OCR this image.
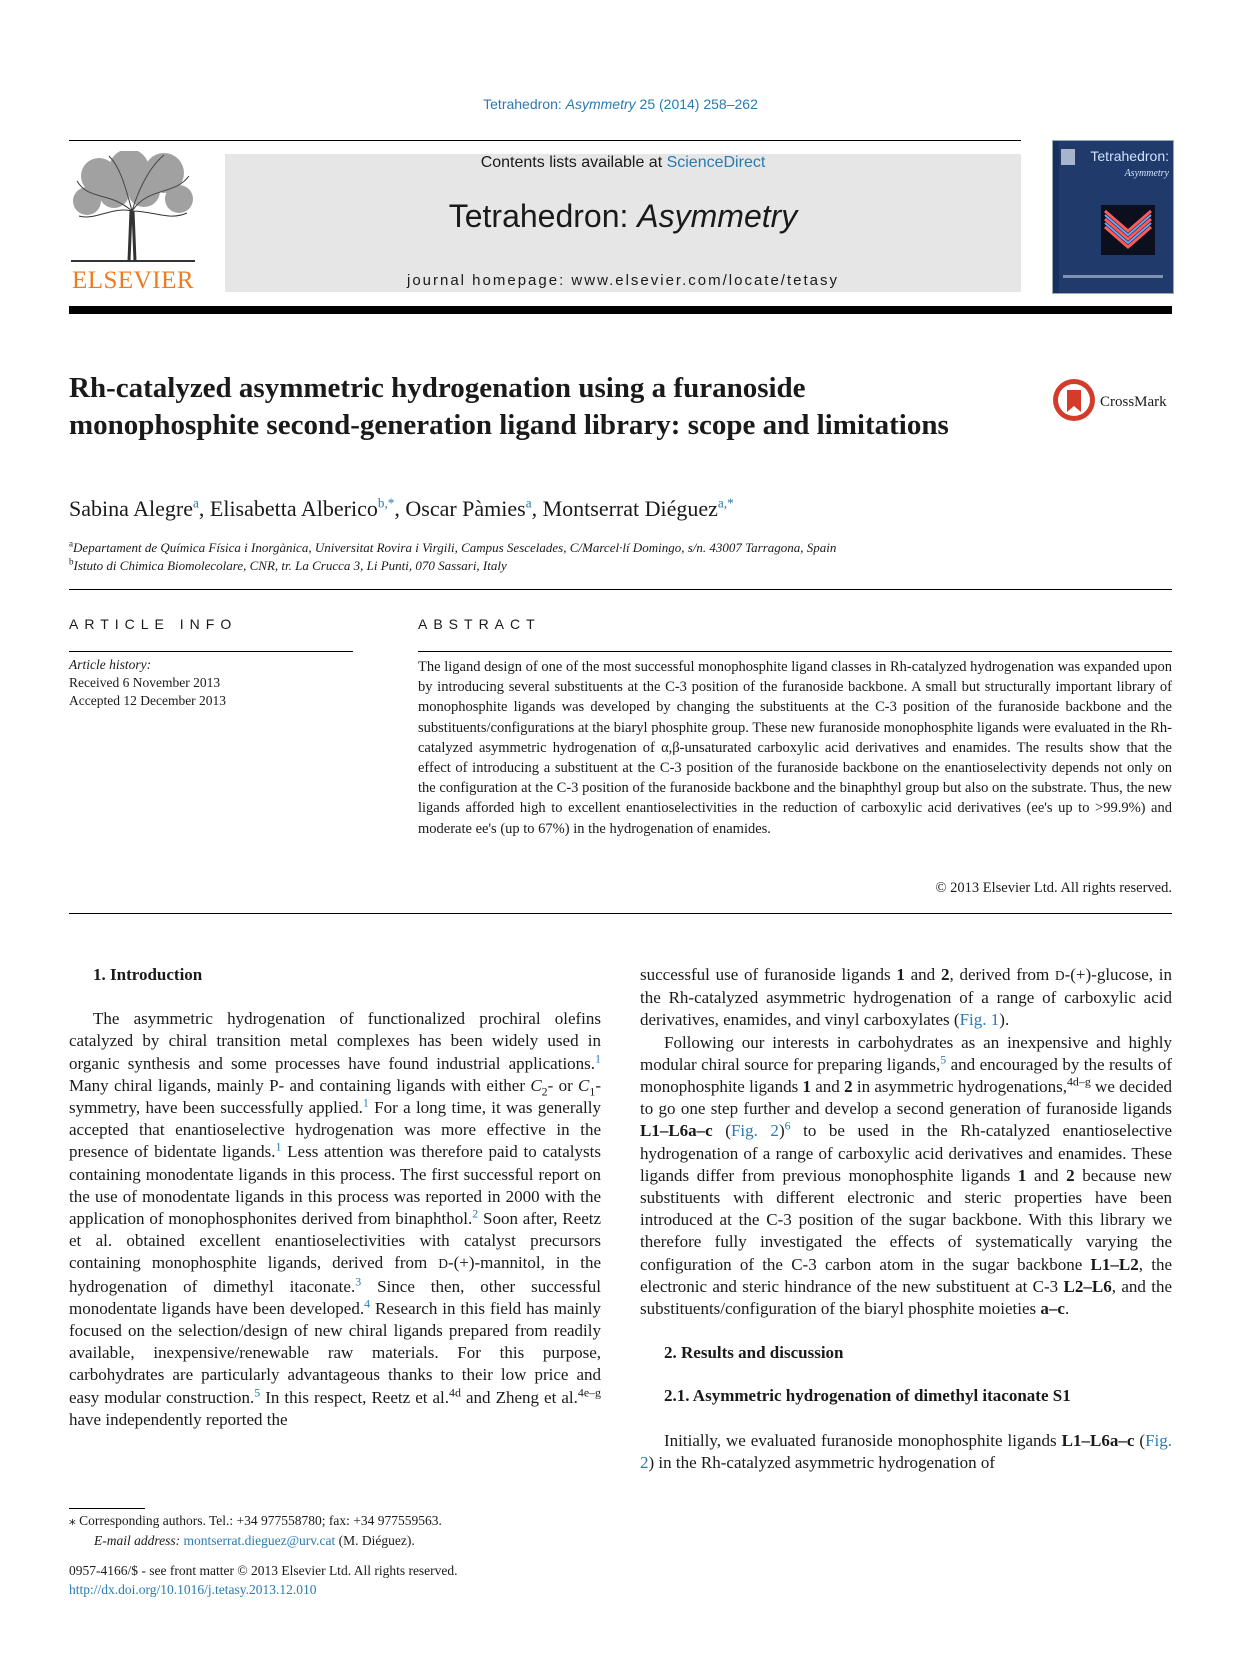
Tetrahedron: Asymmetry 25 (2014) 258–262
ELSEVIER
Contents lists available at ScienceDirect
Tetrahedron: Asymmetry
journal homepage: www.elsevier.com/locate/tetasy
Tetrahedron:
Asymmetry
Rh-catalyzed asymmetric hydrogenation using a furanoside monophosphite second-generation ligand library: scope and limitations
CrossMark
Sabina Alegre$^a$, Elisabetta Alberico$^{b,*}$, Oscar Pàmies$^a$, Montserrat Diéguez$^{a,*}$
$^a$Departament de Química Física i Inorgànica, Universitat Rovira i Virgili, Campus Sescelades, C/Marcel·lí Domingo, s/n. 43007 Tarragona, Spain
$^b$Istuto di Chimica Biomolecolare, CNR, tr. La Crucca 3, Li Punti, 070 Sassari, Italy
ARTICLE INFO
Article history:
Received 6 November 2013
Accepted 12 December 2013
ABSTRACT

The ligand design of one of the most successful monophosphite ligand classes in Rh-catalyzed hydrogenation was expanded upon by introducing several substituents at the C-3 position of the furanoside backbone. A small but structurally important library of monophosphite ligands was developed by changing the substituents at the C-3 position of the furanoside backbone and the substituents/configurations at the biaryl phosphite group. These new furanoside monophosphite ligands were evaluated in the Rh-catalyzed asymmetric hydrogenation of α,β-unsaturated carboxylic acid derivatives and enamides. The results show that the effect of introducing a substituent at the C-3 position of the furanoside backbone on the enantioselectivity depends not only on the configuration at the C-3 position of the furanoside backbone and the binaphthyl group but also on the substrate. Thus, the new ligands afforded high to excellent enantioselectivities in the reduction of carboxylic acid derivatives (ee's up to >99.9%) and moderate ee's (up to 67%) in the hydrogenation of enamides.

© 2013 Elsevier Ltd. All rights reserved.

1. Introduction

The asymmetric hydrogenation of functionalized prochiral olefins catalyzed by chiral transition metal complexes has been widely used in organic synthesis and some processes have found industrial applications.$^1$ Many chiral ligands, mainly P- and containing ligands with either $C_2-$ or $C_1$-symmetry, have been successfully applied.$^1$ For a long time, it was generally accepted that enantioselective hydrogenation was more effective in the presence of bidentate ligands.$^1$ Less attention was therefore paid to catalysts containing monodentate ligands in this process. The first successful report on the use of monodentate ligands in this process was reported in 2000 with the application of monophosphonites derived from binaphthol.$^2$ Soon after, Reetz et al. obtained excellent enantioselectivities with catalyst precursors containing monophosphite ligands, derived from D-(+)-mannitol, in the hydrogenation of dimethyl itaconate.$^3$ Since then, other successful monodentate ligands have been developed.$^4$ Research in this field has mainly focused on the selection/design of new chiral ligands prepared from readily available, inexpensive/renewable raw materials. For this purpose, carbohydrates are particularly advantageous thanks to their low price and easy modular construction.$^5$ In this respect, Reetz et al.$^{4d}$ and Zheng et al.$^{4e-g}$ have independently reported the

successful use of furanoside ligands 1 and 2, derived from D-(+)-glucose, in the Rh-catalyzed asymmetric hydrogenation of a range of carboxylic acid derivatives, enamides, and vinyl carboxylates (Fig. 1).

Following our interests in carbohydrates as an inexpensive and highly modular chiral source for preparing ligands,$^5$ and encouraged by the results of monophosphite ligands 1 and 2 in asymmetric hydrogenations,$^{4d-g}$ we decided to go one step further and develop a second generation of furanoside ligands L1–L6a–c (Fig. 2)$^6$ to be used in the Rh-catalyzed enantioselective hydrogenation of a range of carboxylic acid derivatives and enamides. These ligands differ from previous monophosphite ligands 1 and 2 because new substituents with different electronic and steric properties have been introduced at the C-3 position of the sugar backbone. With this library we therefore fully investigated the effects of systematically varying the configuration of the C-3 carbon atom in the sugar backbone L1–L2, the electronic and steric hindrance of the new substituent at C-3 L2–L6, and the substituents/configuration of the biaryl phosphite moieties a–c.

2. Results and discussion

2.1. Asymmetric hydrogenation of dimethyl itaconate S1

Initially, we evaluated furanoside monophosphite ligands L1–L6a–c (Fig. 2) in the Rh-catalyzed asymmetric hydrogenation of

⁎ Corresponding authors. Tel.: +34 977558780; fax: +34 977559563.
E-mail address: montserrat.dieguez@urv.cat (M. Diéguez).
0957-4166/$ - see front matter © 2013 Elsevier Ltd. All rights reserved.
http://dx.doi.org/10.1016/j.tetasy.2013.12.010
